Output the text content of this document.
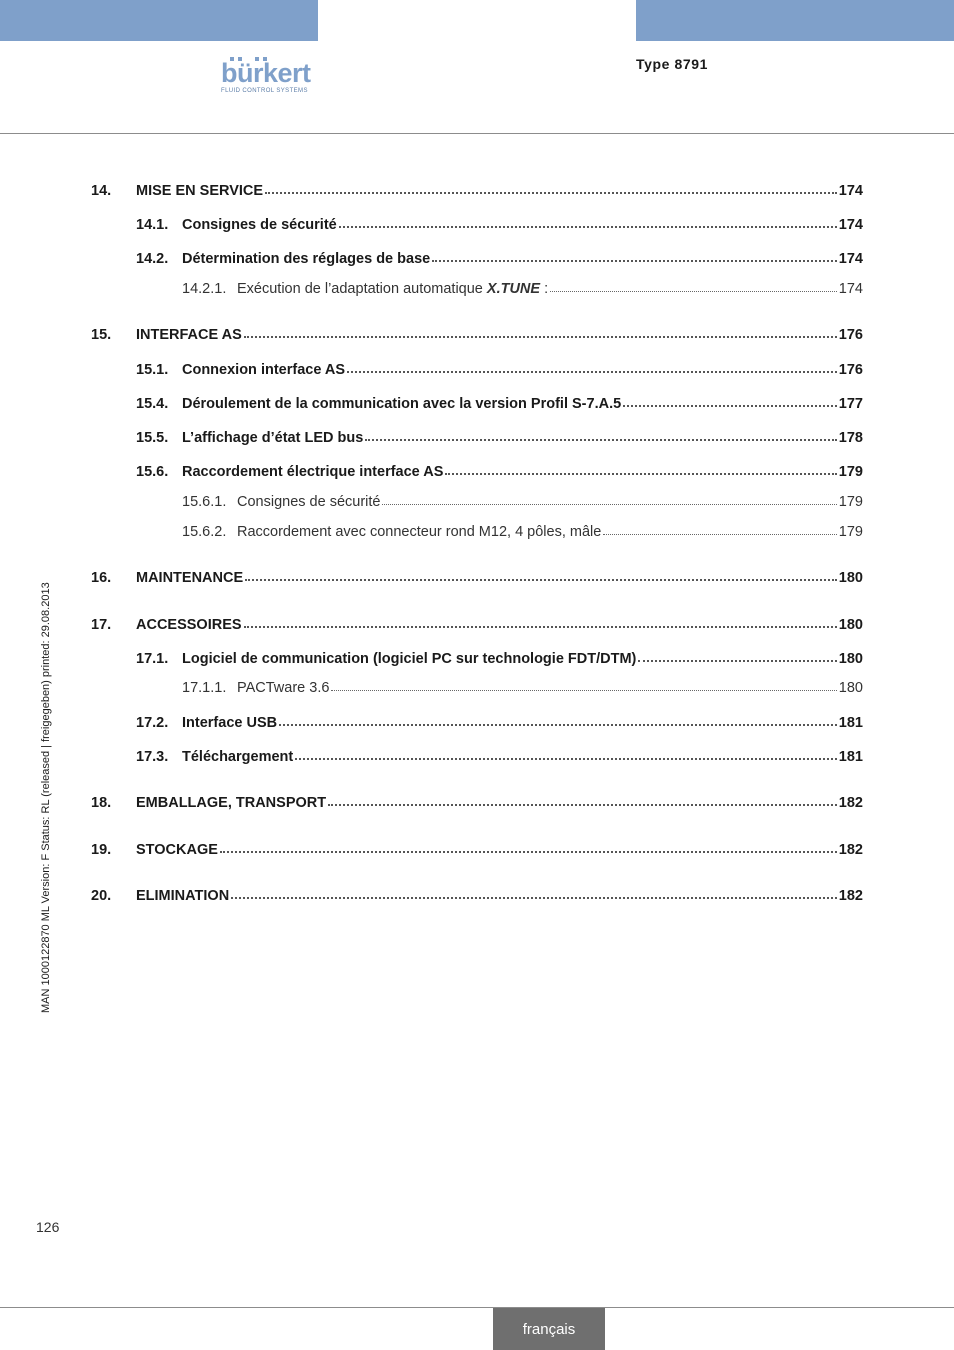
bürkert
FLUID CONTROL SYSTEMS
Type 8791
14. MISE EN SERVICE	174
14.1. Consignes de sécurité	174
14.2. Détermination des réglages de base	174
14.2.1. Exécution de l’adaptation automatique X.TUNE :	174
15. INTERFACE AS	176
15.1. Connexion interface AS	176
15.4. Déroulement de la communication avec la version Profil S-7.A.5	177
15.5. L’affichage d’état LED bus	178
15.6. Raccordement électrique interface AS	179
15.6.1. Consignes de sécurité	179
15.6.2. Raccordement avec connecteur rond M12, 4 pôles, mâle	179
16. MAINTENANCE	180
17. ACCESSOIRES	180
17.1. Logiciel de communication (logiciel PC sur technologie FDT/DTM)	180
17.1.1. PACTware 3.6	180
17.2. Interface USB	181
17.3. Téléchargement	181
18. EMBALLAGE, TRANSPORT	182
19. STOCKAGE	182
20. ELIMINATION	182
MAN 1000122870 ML Version: F Status: RL (released | freigegeben) printed: 29.08.2013
126
français
